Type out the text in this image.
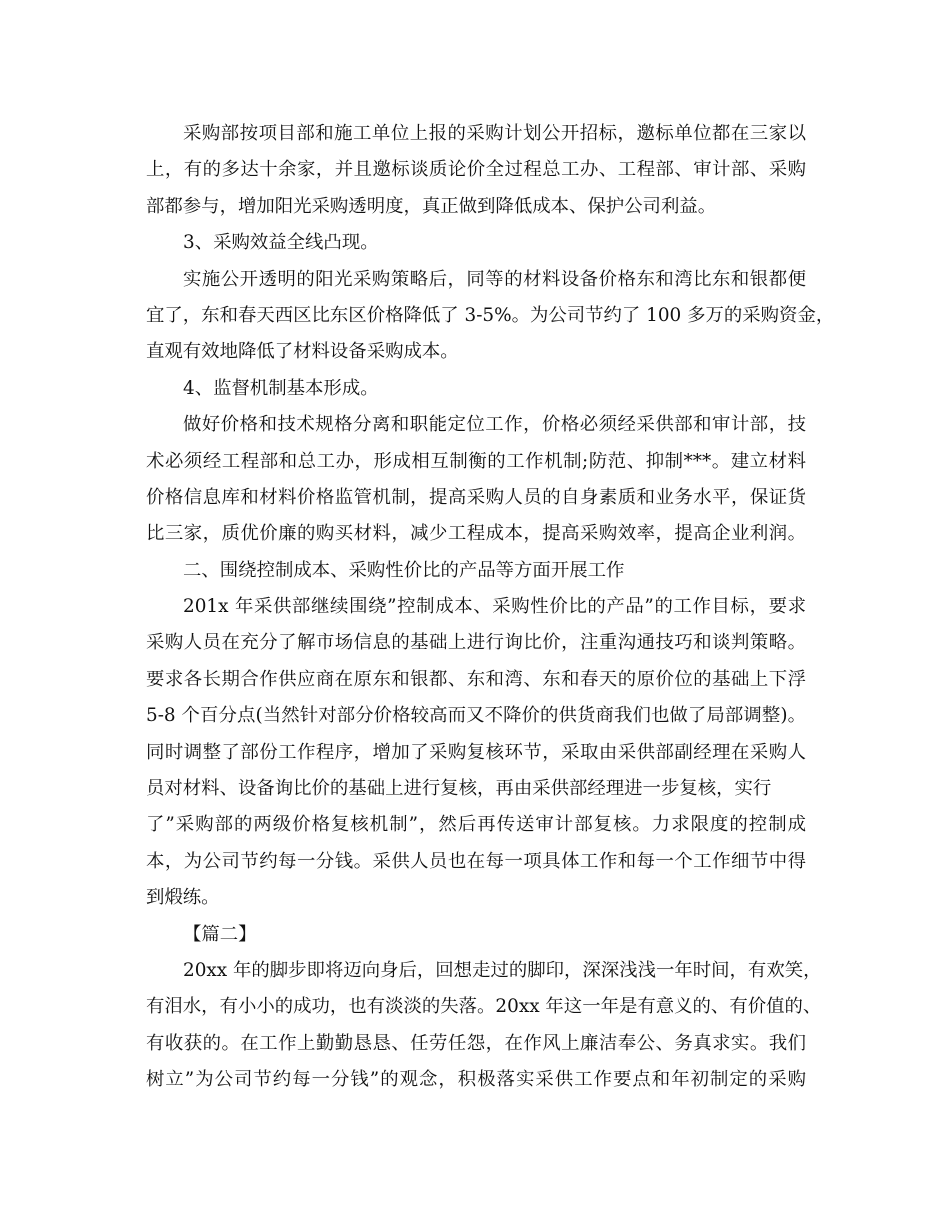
采购部按项目部和施工单位上报的采购计划公开招标，邀标单位都在三家以
上，有的多达十余家，并且邀标谈质论价全过程总工办、工程部、审计部、采购
部都参与，增加阳光采购透明度，真正做到降低成本、保护公司利益。
3、采购效益全线凸现。
实施公开透明的阳光采购策略后，同等的材料设备价格东和湾比东和银都便
宜了，东和春天西区比东区价格降低了 3-5%。为公司节约了 100 多万的采购资金，
直观有效地降低了材料设备采购成本。
4、监督机制基本形成。
做好价格和技术规格分离和职能定位工作，价格必须经采供部和审计部，技
术必须经工程部和总工办，形成相互制衡的工作机制;防范、抑制***。建立材料
价格信息库和材料价格监管机制，提高采购人员的自身素质和业务水平，保证货
比三家，质优价廉的购买材料，减少工程成本，提高采购效率，提高企业利润。
二、围绕控制成本、采购性价比的产品等方面开展工作
201x 年采供部继续围绕”控制成本、采购性价比的产品”的工作目标，要求
采购人员在充分了解市场信息的基础上进行询比价，注重沟通技巧和谈判策略。
要求各长期合作供应商在原东和银都、东和湾、东和春天的原价位的基础上下浮
5-8 个百分点(当然针对部分价格较高而又不降价的供货商我们也做了局部调整)。
同时调整了部份工作程序，增加了采购复核环节，采取由采供部副经理在采购人
员对材料、设备询比价的基础上进行复核，再由采供部经理进一步复核，实行
了”采购部的两级价格复核机制”，然后再传送审计部复核。力求限度的控制成
本，为公司节约每一分钱。采供人员也在每一项具体工作和每一个工作细节中得
到煅练。
【篇二】
20xx 年的脚步即将迈向身后，回想走过的脚印，深深浅浅一年时间，有欢笑，
有泪水，有小小的成功，也有淡淡的失落。20xx 年这一年是有意义的、有价值的、
有收获的。在工作上勤勤恳恳、任劳任怨，在作风上廉洁奉公、务真求实。我们
树立”为公司节约每一分钱”的观念，积极落实采供工作要点和年初制定的采购
